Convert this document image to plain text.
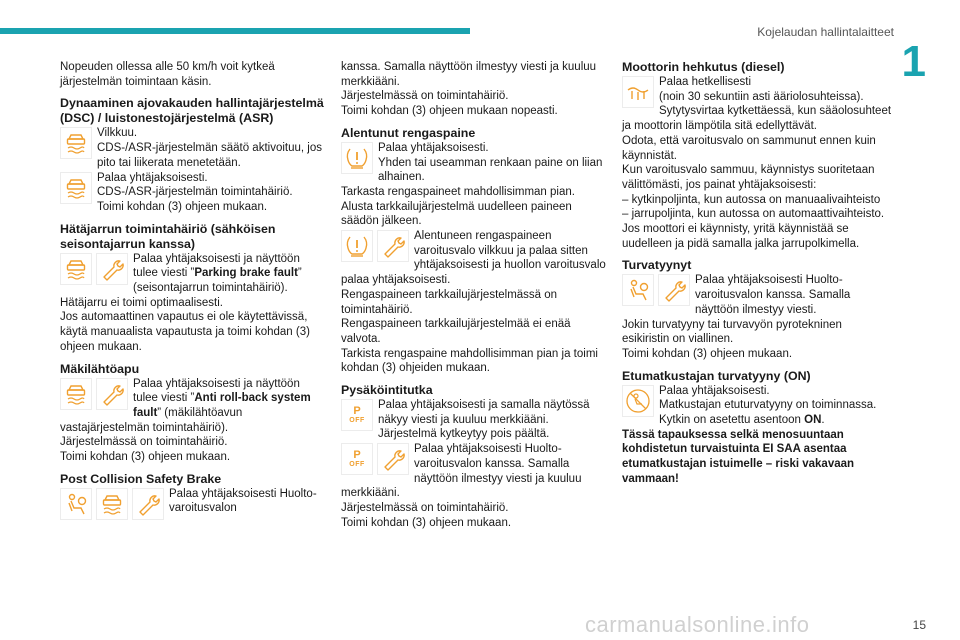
Kojelaudan hallintalaitteet
1
15
carmanualsonline.info

Nopeuden ollessa alle 50 km/h voit kytkeä järjestelmän toimintaan käsin.

Dynaaminen ajovakauden hallintajärjestelmä (DSC) / luistonestojärjestelmä (ASR)

Vilkkuu.

CDS-/ASR-järjestelmän säätö aktivoituu, jos pito tai liikerata menetetään.

Palaa yhtäjaksoisesti.

CDS-/ASR-järjestelmän toimintahäiriö.

Toimi kohdan (3) ohjeen mukaan.

Hätäjarrun toimintahäiriö (sähköisen seisontajarrun kanssa)

Palaa yhtäjaksoisesti ja näyttöön tulee viesti ”Parking brake fault” (seisontajarrun toimintahäiriö).

Hätäjarru ei toimi optimaalisesti.

Jos automaattinen vapautus ei ole käytettävissä, käytä manuaalista vapautusta ja toimi kohdan (3) ohjeen mukaan.

Mäkilähtöapu

Palaa yhtäjaksoisesti ja näyttöön tulee viesti ”Anti roll-back system fault” (mäkilähtöavun vastajärjestelmän toimintahäiriö).

Järjestelmässä on toimintahäiriö.

Toimi kohdan (3) ohjeen mukaan.

Post Collision Safety Brake

Palaa yhtäjaksoisesti Huolto-varoitusvalon

kanssa. Samalla näyttöön ilmestyy viesti ja kuuluu merkkiääni.

Järjestelmässä on toimintahäiriö.

Toimi kohdan (3) ohjeen mukaan nopeasti.

Alentunut rengaspaine

Palaa yhtäjaksoisesti.

Yhden tai useamman renkaan paine on liian alhainen.

Tarkasta rengaspaineet mahdollisimman pian.

Alusta tarkkailujärjestelmä uudelleen paineen säädön jälkeen.

Alentuneen rengaspaineen varoitusvalo vilkkuu ja palaa sitten yhtäjaksoisesti ja huollon varoitusvalo palaa yhtäjaksoisesti.

Rengaspaineen tarkkailujärjestelmässä on toimintahäiriö.

Rengaspaineen tarkkailujärjestelmää ei enää valvota.

Tarkista rengaspaine mahdollisimman pian ja toimi kohdan (3) ohjeiden mukaan.

Pysäköintitutka
P
OFF

Palaa yhtäjaksoisesti ja samalla näytössä näkyy viesti ja kuuluu merkkiääni.

Järjestelmä kytkeytyy pois päältä.

P
OFF

Palaa yhtäjaksoisesti Huolto-varoitusvalon kanssa. Samalla näyttöön ilmestyy viesti ja kuuluu merkkiääni.

Järjestelmässä on toimintahäiriö.

Toimi kohdan (3) ohjeen mukaan.

Moottorin hehkutus (diesel)

Palaa hetkellisesti

(noin 30 sekuntiin asti ääriolosuhteissa).

Sytytysvirtaa kytkettäessä, kun sääolosuhteet ja moottorin lämpötila sitä edellyttävät.

Odota, että varoitusvalo on sammunut ennen kuin käynnistät.

Kun varoitusvalo sammuu, käynnistys suoritetaan välittömästi, jos painat yhtäjaksoisesti:

– kytkinpoljinta, kun autossa on manuaalivaihteisto

– jarrupoljinta, kun autossa on automaattivaihteisto.

Jos moottori ei käynnisty, yritä käynnistää se uudelleen ja pidä samalla jalka jarrupolkimella.

Turvatyynyt

Palaa yhtäjaksoisesti Huolto-varoitusvalon kanssa. Samalla näyttöön ilmestyy viesti.

Jokin turvatyyny tai turvavyön pyrotekninen esikiristin on viallinen.

Toimi kohdan (3) ohjeen mukaan.

Etumatkustajan turvatyyny (ON)

Palaa yhtäjaksoisesti.

Matkustajan etuturvatyyny on toiminnassa.

Kytkin on asetettu asentoon ON.

Tässä tapauksessa selkä menosuuntaan kohdistetun turvaistuinta EI SAA asentaa etumatkustajan istuimelle – riski vakavaan vammaan!
